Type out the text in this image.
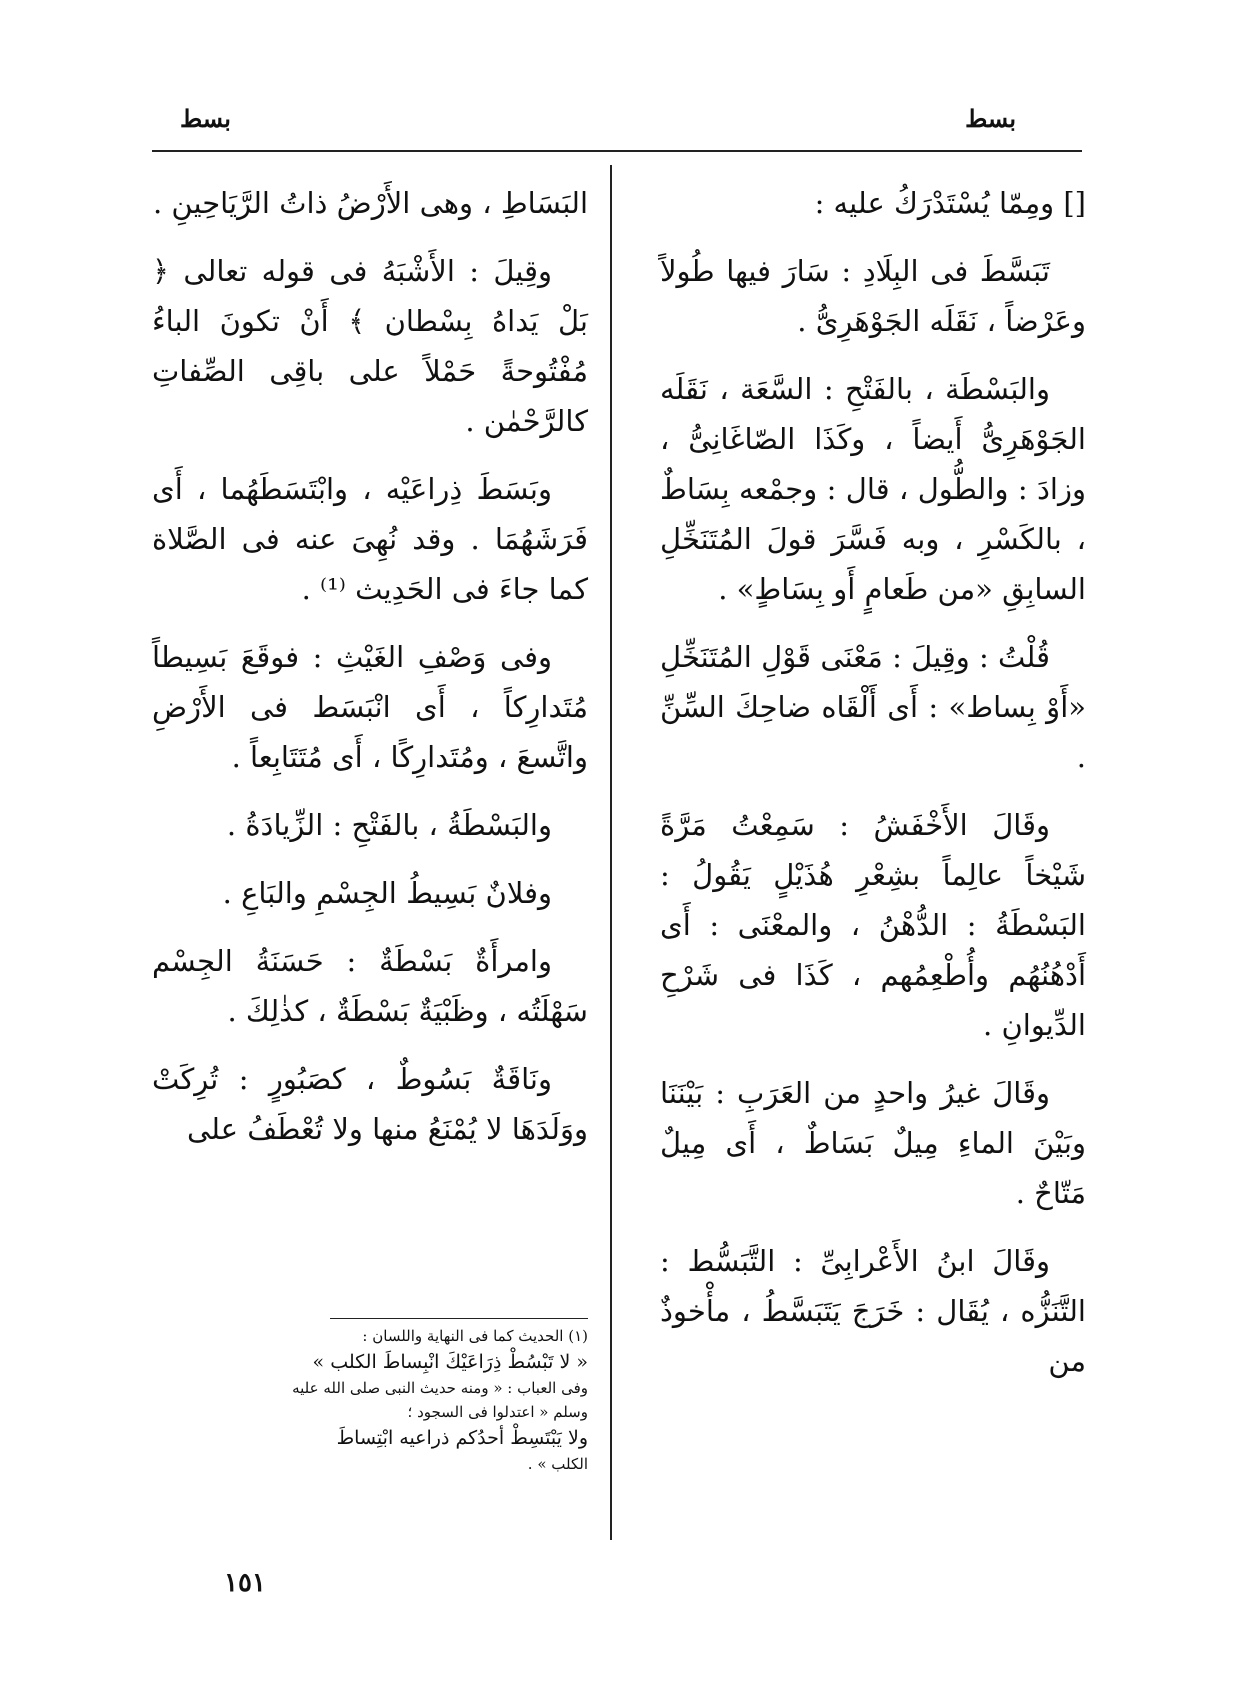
بسط
بسط

[] ومِمّا يُسْتَدْرَكُ عليه :

تَبَسَّطَ فى البِلَادِ : سَارَ فيها طُولاً وعَرْضاً ، نَقَلَه الجَوْهَرِىُّ .

والبَسْطَة ، بالفَتْحِ : السَّعَة ، نَقَلَه الجَوْهَرِىُّ أَيضاً ، وكَذَا الصّاغَانِىُّ ، وزادَ : والطُّول ، قال : وجمْعه بِسَاطٌ ، بالكَسْرِ ، وبه فَسَّرَ قولَ المُتَنَخِّلِ السابِقِ «من طَعامٍ أَو بِسَاطٍ» .

قُلْتُ : وقِيلَ : مَعْنَى قَوْلِ المُتَنَخِّلِ «أَوْ بِساط» : أَى أَلْقَاه ضاحِكَ السِّنِّ .

وقَالَ الأَخْفَشُ : سَمِعْتُ مَرَّةً شَيْخاً عالِماً بشِعْرِ هُذَيْلٍ يَقُولُ : البَسْطَةُ : الدُّهْنُ ، والمعْنَى : أَى أَدْهُنُهُم وأُطْعِمُهم ، كَذَا فى شَرْحِ الدِّيوانِ .

وقَالَ غيرُ واحدٍ من العَرَبِ : بَيْنَنَا وبَيْنَ الماءِ مِيلٌ بَسَاطٌ ، أَى مِيلٌ مَتّاحٌ .

وقَالَ ابنُ الأَعْرابِىِّ : التَّبَسُّط : التَّنَزُّه ، يُقَال : خَرَجَ يَتَبَسَّطُ ، مأْخوذٌ من

البَسَاطِ ، وهى الأَرْضُ ذاتُ الرَّيَاحِينِ .

وقِيلَ : الأَشْبَهُ فى قوله تعالى ﴿ بَلْ يَداهُ بِسْطان ﴾ أَنْ تكونَ الباءُ مُفْتُوحةً حَمْلاً على باقِى الصِّفاتِ كالرَّحْمٰن .

وبَسَطَ ذِراعَيْه ، وابْتَسَطَهُما ، أَى فَرَشَهُمَا . وقد نُهِىَ عنه فى الصَّلاة كما جاءَ فى الحَدِيث ⁽¹⁾ .

وفى وَصْفِ الغَيْثِ : فوقَعَ بَسِيطاً مُتَدارِكاً ، أَى انْبَسَط فى الأَرْضِ واتَّسعَ ، ومُتَدارِكًا ، أَى مُتَتَابِعاً .

والبَسْطَةُ ، بالفَتْحِ : الزِّيادَةُ .

وفلانٌ بَسِيطُ الجِسْمِ والبَاعِ .

وامرأَةٌ بَسْطَةٌ : حَسَنَةُ الجِسْم سَهْلَتُه ، وظَبْيَةٌ بَسْطَةٌ ، كذٰلِكَ .

ونَاقَةٌ بَسُوطٌ ، كصَبُورٍ : تُرِكَتْ ووَلَدَهَا لا يُمْنَعُ منها ولا تُعْطَفُ على

(١) الحديث كما فى النهاية واللسان :

« لا تَبْسُطْ ذِرَاعَيْكَ انْبِساطَ الكلب »

وفى العباب : « ومنه حديث النبى صلى الله عليه

وسلم « اعتدلوا فى السجود ؛

ولا يَبْتَسِطْ أحدُكم ذراعيه ابْتِساطَ

الكلب » .

١٥١
